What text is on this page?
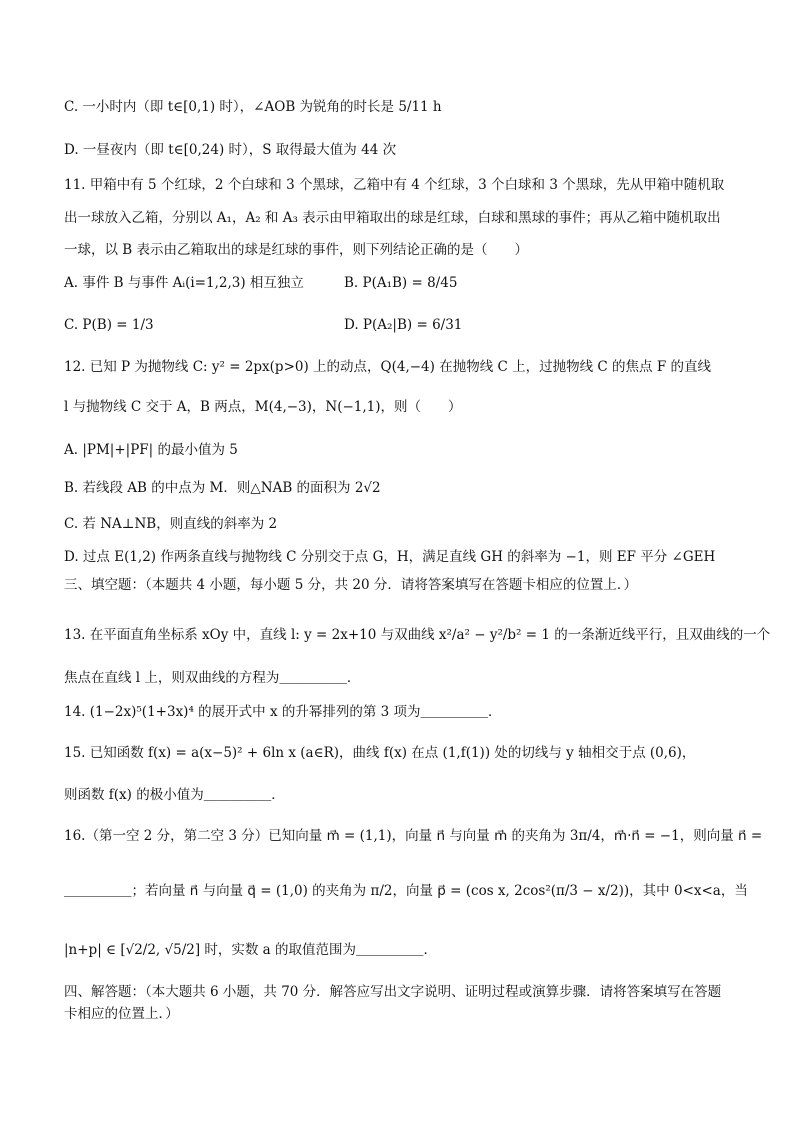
C. 一小时内（即 t∈[0,1) 时），∠AOB 为锐角的时长是 5/11 h
D. 一昼夜内（即 t∈[0,24) 时），S 取得最大值为 44 次
11. 甲箱中有 5 个红球，2 个白球和 3 个黑球，乙箱中有 4 个红球，3 个白球和 3 个黑球，先从甲箱中随机取
出一球放入乙箱，分别以 A₁，A₂ 和 A₃ 表示由甲箱取出的球是红球，白球和黑球的事件；再从乙箱中随机取出
一球，以 B 表示由乙箱取出的球是红球的事件，则下列结论正确的是（　　）
A. 事件 B 与事件 Aᵢ(i=1,2,3) 相互独立	B. P(A₁B) = 8/45
C. P(B) = 1/3	D. P(A₂|B) = 6/31
12. 已知 P 为抛物线 C: y² = 2px(p>0) 上的动点，Q(4,−4) 在抛物线 C 上，过抛物线 C 的焦点 F 的直线
l 与抛物线 C 交于 A，B 两点，M(4,−3)，N(−1,1)，则（　　）
A. |PM|+|PF| 的最小值为 5
B. 若线段 AB 的中点为 M．则△NAB 的面积为 2√2
C. 若 NA⊥NB，则直线的斜率为 2
D. 过点 E(1,2) 作两条直线与抛物线 C 分别交于点 G，H，满足直线 GH 的斜率为 −1，则 EF 平分 ∠GEH
三、填空题：（本题共 4 小题，每小题 5 分，共 20 分．请将答案填写在答题卡相应的位置上．）
13. 在平面直角坐标系 xOy 中，直线 l: y = 2x+10 与双曲线 x²/a² − y²/b² = 1 的一条渐近线平行，且双曲线的一个
焦点在直线 l 上，则双曲线的方程为＿＿＿＿＿．
14. (1−2x)⁵(1+3x)⁴ 的展开式中 x 的升幂排列的第 3 项为＿＿＿＿＿．
15. 已知函数 f(x) = a(x−5)² + 6ln x (a∈R)，曲线 f(x) 在点 (1,f(1)) 处的切线与 y 轴相交于点 (0,6)，
则函数 f(x) 的极小值为＿＿＿＿＿．
16.（第一空 2 分，第二空 3 分）已知向量 m⃗ = (1,1)，向量 n⃗ 与向量 m⃗ 的夹角为 3π/4，m⃗·n⃗ = −1，则向量 n⃗ =
＿＿＿＿＿；若向量 n⃗ 与向量 q⃗ = (1,0) 的夹角为 π/2，向量 p⃗ = (cos x, 2cos²(π/3 − x/2))，其中 0<x<a，当
|n+p| ∈ [√2/2, √5/2] 时，实数 a 的取值范围为＿＿＿＿＿．
四、解答题：（本大题共 6 小题，共 70 分．解答应写出文字说明、证明过程或演算步骤．请将答案填写在答题
卡相应的位置上．）
